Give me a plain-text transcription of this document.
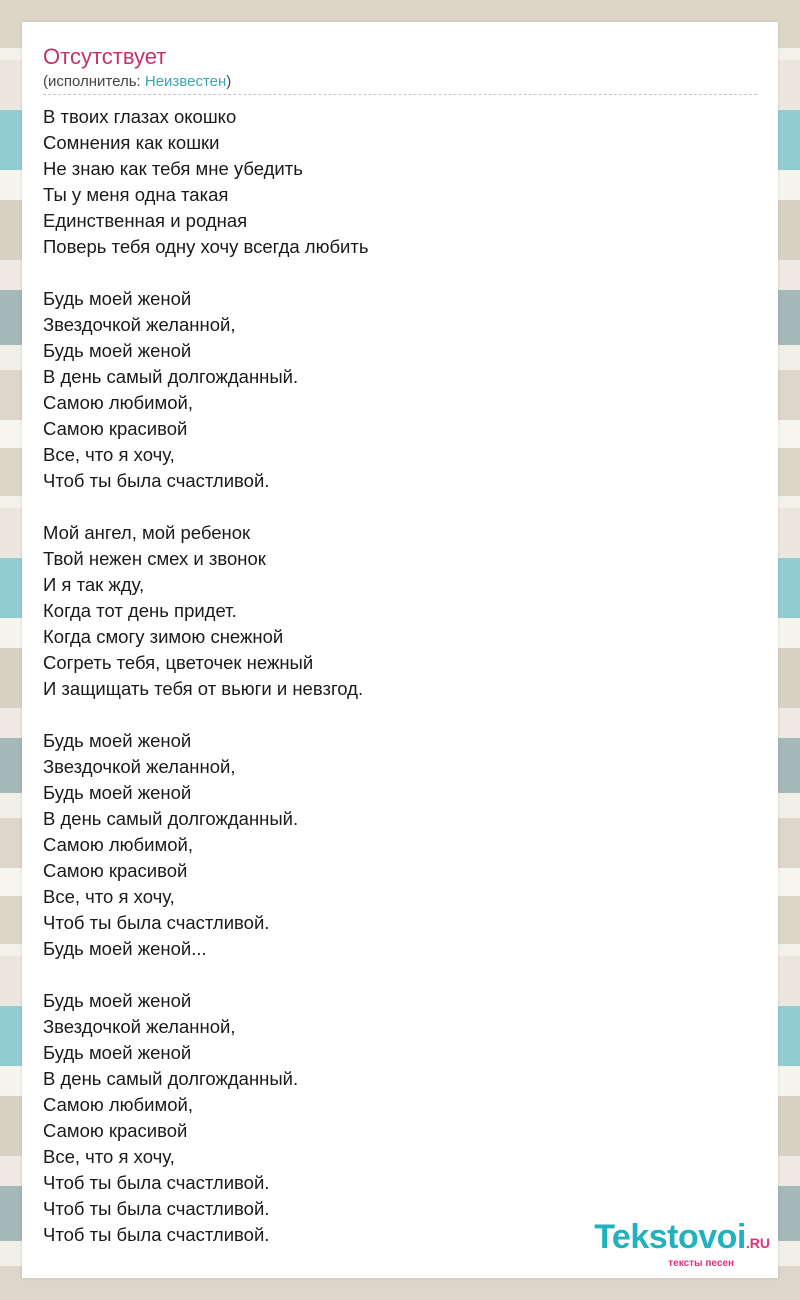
Отсутствует
(исполнитель: Неизвестен)
В твоих глазах окошко
Сомнения как кошки
Не знаю как тебя мне убедить
Ты у меня одна такая
Единственная и родная
Поверь тебя одну хочу всегда любить

Будь моей женой
Звездочкой желанной,
Будь моей женой
В день самый долгожданный.
Самою любимой,
Самою красивой
Все, что я хочу,
Чтоб ты была счастливой.

Мой ангел, мой ребенок
Твой нежен смех и звонок
И я так жду,
Когда тот день придет.
Когда смогу зимою снежной
Согреть тебя, цветочек нежный
И защищать тебя от вьюги и невзгод.

Будь моей женой
Звездочкой желанной,
Будь моей женой
В день самый долгожданный.
Самою любимой,
Самою красивой
Все, что я хочу,
Чтоб ты была счастливой.
Будь моей женой...

Будь моей женой
Звездочкой желанной,
Будь моей женой
В день самый долгожданный.
Самою любимой,
Самою красивой
Все, что я хочу,
Чтоб ты была счастливой.
Чтоб ты была счастливой.
Чтоб ты была счастливой.	Tekstovoi.RU
тексты песен
